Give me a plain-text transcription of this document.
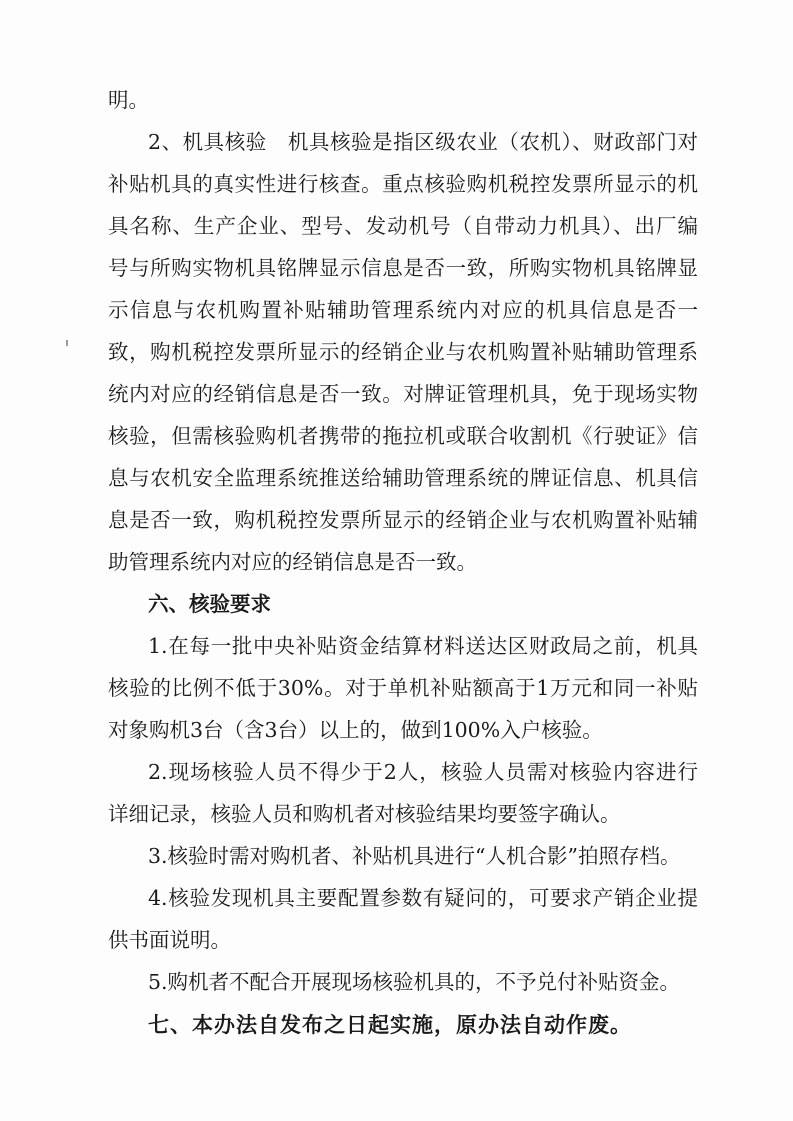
明。
2、机具核验　机具核验是指区级农业（农机）、财政部门对
补贴机具的真实性进行核查。重点核验购机税控发票所显示的机
具名称、生产企业、型号、发动机号（自带动力机具）、出厂编
号与所购实物机具铭牌显示信息是否一致，所购实物机具铭牌显
示信息与农机购置补贴辅助管理系统内对应的机具信息是否一
致，购机税控发票所显示的经销企业与农机购置补贴辅助管理系
统内对应的经销信息是否一致。对牌证管理机具，免于现场实物
核验，但需核验购机者携带的拖拉机或联合收割机《行驶证》信
息与农机安全监理系统推送给辅助管理系统的牌证信息、机具信
息是否一致，购机税控发票所显示的经销企业与农机购置补贴辅
助管理系统内对应的经销信息是否一致。
六、核验要求
1.在每一批中央补贴资金结算材料送达区财政局之前，机具
核验的比例不低于30%。对于单机补贴额高于1万元和同一补贴
对象购机3台（含3台）以上的，做到100%入户核验。
2.现场核验人员不得少于2人，核验人员需对核验内容进行
详细记录，核验人员和购机者对核验结果均要签字确认。
3.核验时需对购机者、补贴机具进行“人机合影”拍照存档。
4.核验发现机具主要配置参数有疑问的，可要求产销企业提
供书面说明。
5.购机者不配合开展现场核验机具的，不予兑付补贴资金。
七、本办法自发布之日起实施，原办法自动作废。
